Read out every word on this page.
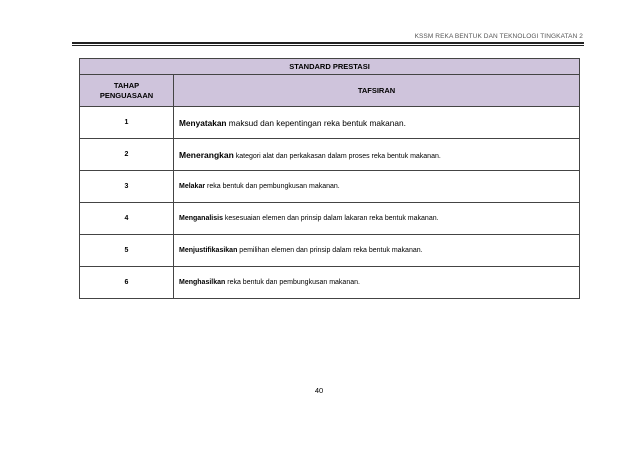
KSSM REKA BENTUK DAN TEKNOLOGI TINGKATAN 2
STANDARD PRESTASI	
TAHAP
PENGUASAAN	TAFSIRAN
1	Menyatakan maksud dan kepentingan reka bentuk makanan.
2	Menerangkan kategori alat dan perkakasan dalam proses reka bentuk makanan.
3	Melakar reka bentuk dan pembungkusan makanan.
4	Menganalisis kesesuaian elemen dan prinsip dalam lakaran reka bentuk makanan.
5	Menjustifikasikan pemilihan elemen dan prinsip dalam reka bentuk makanan.
6	Menghasilkan reka bentuk dan pembungkusan makanan.
40
